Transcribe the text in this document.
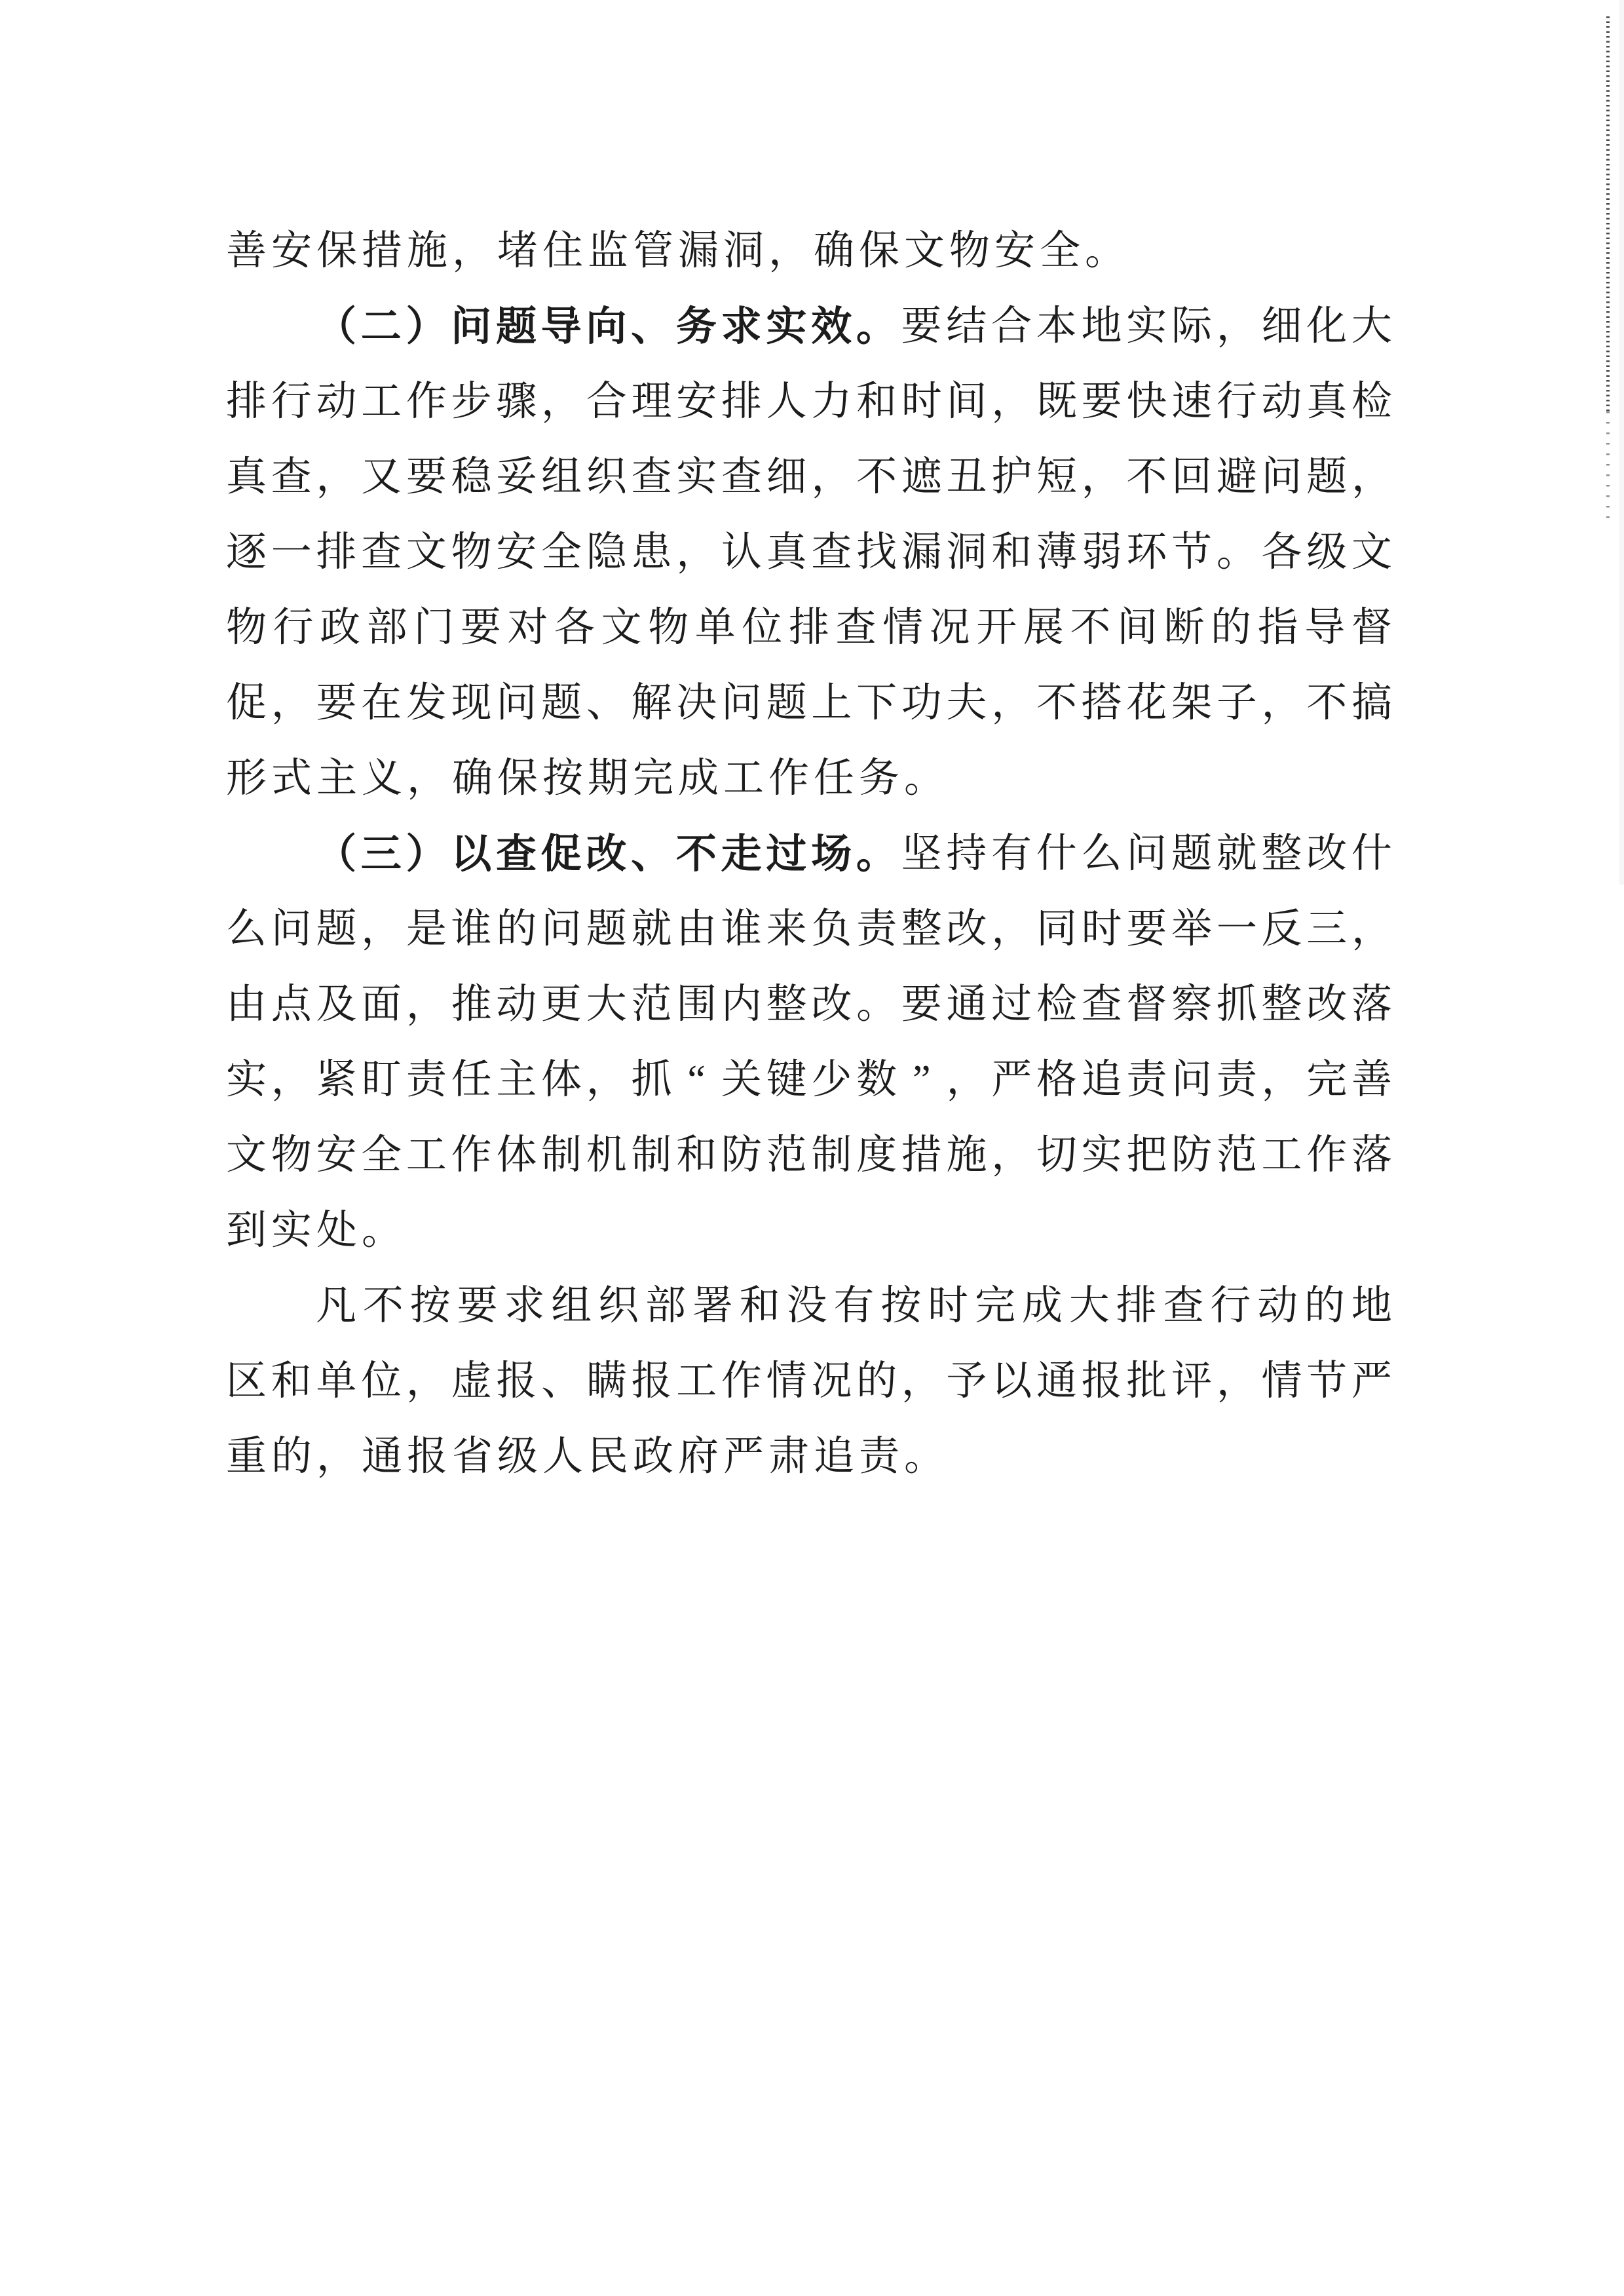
善 安 保 措 施 ， 堵 住 监 管 漏 洞 ， 确 保 文 物 安 全 。
（ 二 ） 问 题 导 向 、 务 求 实 效 。 要 结 合 本 地 实 际 ， 细 化 大
排 行 动 工 作 步 骤 ， 合 理 安 排 人 力 和 时 间 ， 既 要 快 速 行 动 真 检
真 查 ， 又 要 稳 妥 组 织 查 实 查 细 ， 不 遮 丑 护 短 ， 不 回 避 问 题 ，
逐 一 排 查 文 物 安 全 隐 患 ， 认 真 查 找 漏 洞 和 薄 弱 环 节 。 各 级 文
物 行 政 部 门 要 对 各 文 物 单 位 排 查 情 况 开 展 不 间 断 的 指 导 督
促 ， 要 在 发 现 问 题 、 解 决 问 题 上 下 功 夫 ， 不 搭 花 架 子 ， 不 搞
形 式 主 义 ， 确 保 按 期 完 成 工 作 任 务 。
（ 三 ） 以 查 促 改 、 不 走 过 场 。 坚 持 有 什 么 问 题 就 整 改 什
么 问 题 ， 是 谁 的 问 题 就 由 谁 来 负 责 整 改 ， 同 时 要 举 一 反 三 ，
由 点 及 面 ， 推 动 更 大 范 围 内 整 改 。 要 通 过 检 查 督 察 抓 整 改 落
实 ， 紧 盯 责 任 主 体 ， 抓 “ 关 键 少 数 ” ， 严 格 追 责 问 责 ， 完 善
文 物 安 全 工 作 体 制 机 制 和 防 范 制 度 措 施 ， 切 实 把 防 范 工 作 落
到 实 处 。
凡 不 按 要 求 组 织 部 署 和 没 有 按 时 完 成 大 排 查 行 动 的 地
区 和 单 位 ， 虚 报 、 瞒 报 工 作 情 况 的 ， 予 以 通 报 批 评 ， 情 节 严
重 的 ， 通 报 省 级 人 民 政 府 严 肃 追 责 。
